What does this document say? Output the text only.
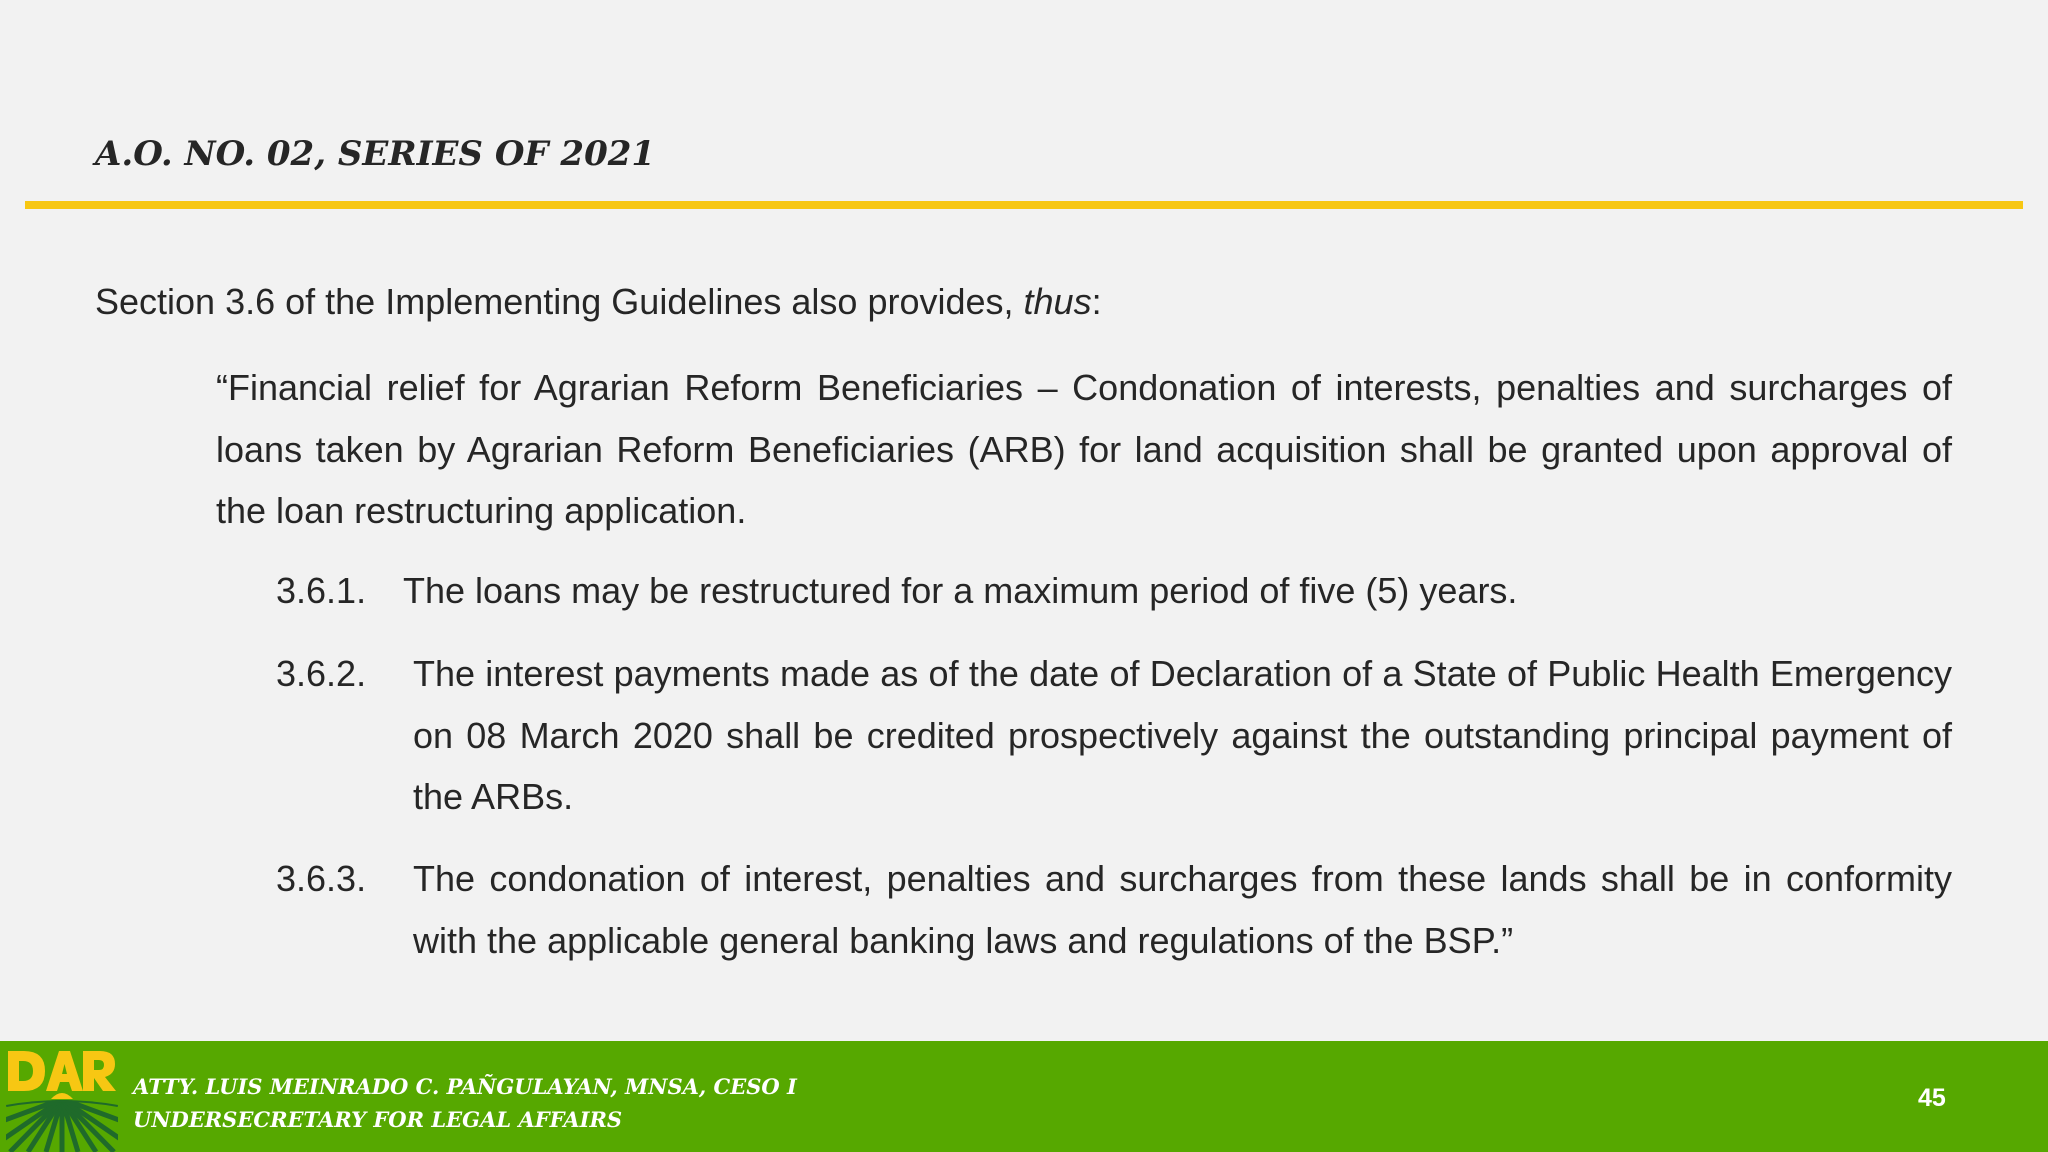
A.O. NO. 02, SERIES OF 2021
Section 3.6 of the Implementing Guidelines also provides, thus:
“Financial relief for Agrarian Reform Beneficiaries – Condonation of interests, penalties and surcharges of loans taken by Agrarian Reform Beneficiaries (ARB) for land acquisition shall be granted upon approval of the loan restructuring application.
3.6.1. The loans may be restructured for a maximum period of five (5) years.
3.6.2. The interest payments made as of the date of Declaration of a State of Public Health Emergency on 08 March 2020 shall be credited prospectively against the outstanding principal payment of the ARBs.
3.6.3. The condonation of interest, penalties and surcharges from these lands shall be in conformity with the applicable general banking laws and regulations of the BSP.”
ATTY. LUIS MEINRADO C. PAÑGULAYAN, MNSA, CESO I
UNDERSECRETARY FOR LEGAL AFFAIRS
45
